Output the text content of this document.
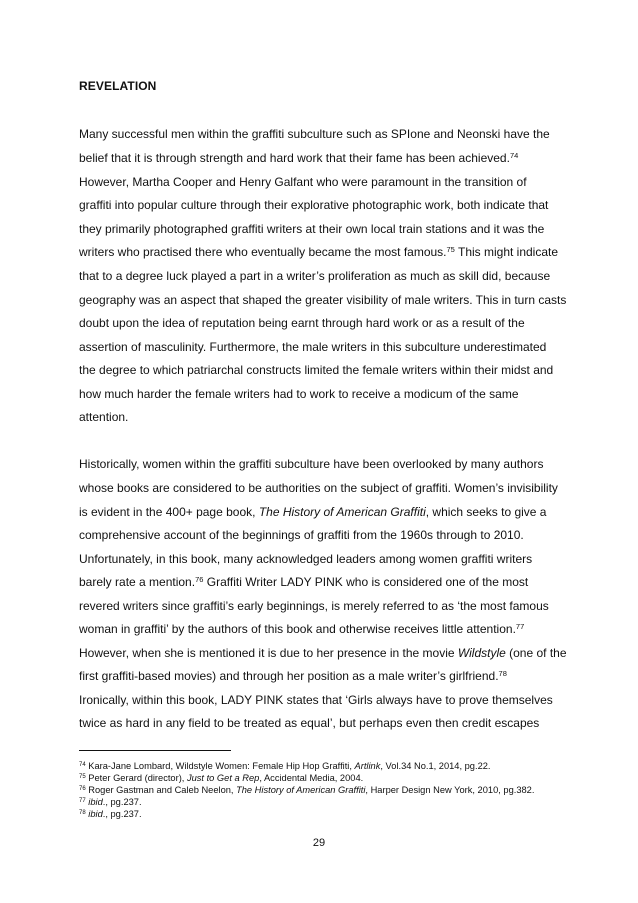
REVELATION
Many successful men within the graffiti subculture such as SPIone and Neonski have the
belief that it is through strength and hard work that their fame has been achieved.$^{74}$
However, Martha Cooper and Henry Galfant who were paramount in the transition of
graffiti into popular culture through their explorative photographic work, both indicate that
they primarily photographed graffiti writers at their own local train stations and it was the
writers who practised there who eventually became the most famous.$^{75}$ This might indicate
that to a degree luck played a part in a writer’s proliferation as much as skill did, because
geography was an aspect that shaped the greater visibility of male writers. This in turn casts
doubt upon the idea of reputation being earnt through hard work or as a result of the
assertion of masculinity. Furthermore, the male writers in this subculture underestimated
the degree to which patriarchal constructs limited the female writers within their midst and
how much harder the female writers had to work to receive a modicum of the same
attention.
Historically, women within the graffiti subculture have been overlooked by many authors
whose books are considered to be authorities on the subject of graffiti. Women’s invisibility
is evident in the 400+ page book, The History of American Graffiti, which seeks to give a
comprehensive account of the beginnings of graffiti from the 1960s through to 2010.
Unfortunately, in this book, many acknowledged leaders among women graffiti writers
barely rate a mention.$^{76}$ Graffiti Writer LADY PINK who is considered one of the most
revered writers since graffiti’s early beginnings, is merely referred to as ‘the most famous
woman in graffiti’ by the authors of this book and otherwise receives little attention.$^{77}$
However, when she is mentioned it is due to her presence in the movie Wildstyle (one of the
first graffiti-based movies) and through her position as a male writer’s girlfriend.$^{78}$
Ironically, within this book, LADY PINK states that ‘Girls always have to prove themselves
twice as hard in any field to be treated as equal’, but perhaps even then credit escapes
$^{74}$ Kara-Jane Lombard, Wildstyle Women: Female Hip Hop Graffiti, Artlink, Vol.34 No.1, 2014, pg.22.
$^{75}$ Peter Gerard (director), Just to Get a Rep, Accidental Media, 2004.
$^{76}$ Roger Gastman and Caleb Neelon, The History of American Graffiti, Harper Design New York, 2010, pg.382.
$^{77}$ ibid., pg.237.
$^{78}$ ibid., pg.237.
29
